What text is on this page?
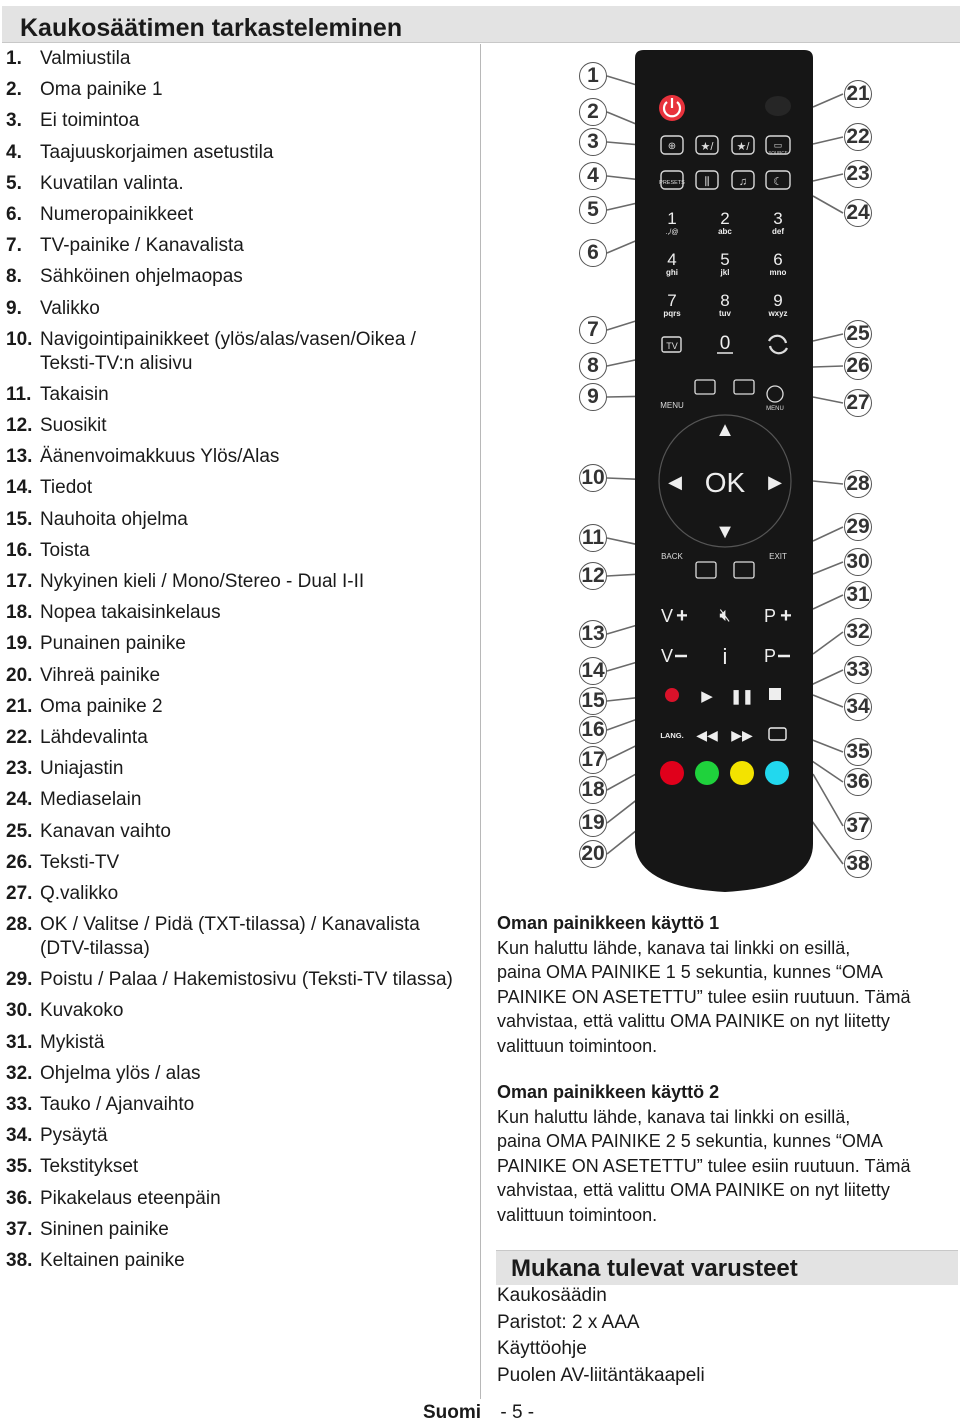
Kaukosäätimen tarkasteleminen
1. Valmiustila
2. Oma painike 1
3. Ei toimintoa
4. Taajuuskorjaimen asetustila
5. Kuvatilan valinta.
6. Numeropainikkeet
7. TV-painike / Kanavalista
8. Sähköinen ohjelmaopas
9. Valikko
10. Navigointipainikkeet (ylös/alas/vasen/Oikea / Teksti-TV:n alisivu
11. Takaisin
12. Suosikit
13. Äänenvoimakkuus Ylös/Alas
14. Tiedot
15. Nauhoita ohjelma
16. Toista
17. Nykyinen kieli / Mono/Stereo - Dual I-II
18. Nopea takaisinkelaus
19. Punainen painike
20. Vihreä painike
21. Oma painike 2
22. Lähdevalinta
23. Uniajastin
24. Mediaselain
25. Kanavan vaihto
26. Teksti-TV
27. Q.valikko
28. OK / Valitse / Pidä (TXT-tilassa) / Kanavalista (DTV-tilassa)
29. Poistu / Palaa / Hakemistosivu (Teksti-TV tilassa)
30. Kuvakoko
31. Mykistä
32. Ohjelma ylös / alas
33. Tauko / Ajanvaihto
34. Pysäytä
35. Tekstitykset
36. Pikakelaus eteenpäin
37. Sininen painike
38. Keltainen painike
⊕ ★/ ★/	▭
SOURCE
PRESETS ⫼	♫ ☾
1
.,/@
2
abc
3
def
4
ghi
5
jkl
6
mno
7
pqrs
8
tuv
9
wxyz
0
TV
MENU	MENU
▲
▼
◀	▶
OK
BACK	EXIT
V +
V
P +
P
🔇︎
i
▶ ❚❚
LANG. ◀◀ ▶▶
1
2
3
4
5
6
7
8
9
10
11
12
13
14
15
16
17
18
19
20
21
22
23
24
25
26
27
28
29
30
31
32
33
34
35
36
37
38
Oman painikkeen käyttö 1

Kun haluttu lähde, kanava tai linkki on esillä,

paina OMA PAINIKE 1 5 sekuntia, kunnes “OMA

PAINIKE ON ASETETTU” tulee esiin ruutuun. Tämä

vahvistaa, että valittu OMA PAINIKE on nyt liitetty

valittuun toimintoon.

Oman painikkeen käyttö 2

Kun haluttu lähde, kanava tai linkki on esillä,

paina OMA PAINIKE 2 5 sekuntia, kunnes “OMA

PAINIKE ON ASETETTU” tulee esiin ruutuun. Tämä

vahvistaa, että valittu OMA PAINIKE on nyt liitetty

valittuun toimintoon.

Mukana tulevat varusteet
Kaukosäädin
Paristot: 2 x AAA
Käyttöohje
Puolen AV-liitäntäkaapeli
Suomi - 5 -
